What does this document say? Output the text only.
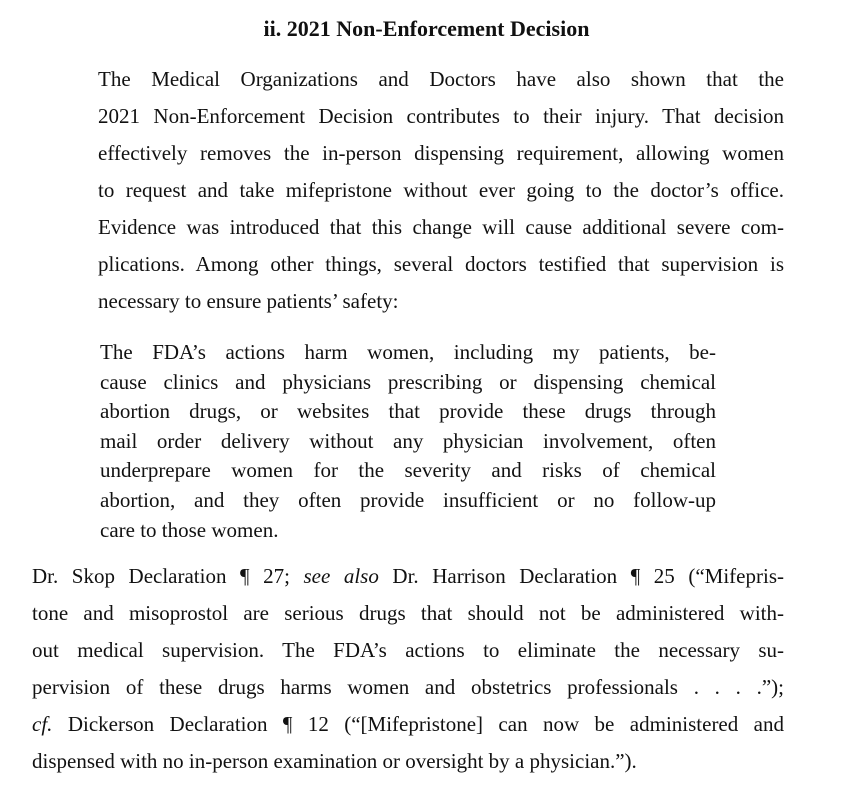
ii. 2021 Non-Enforcement Decision
The Medical Organizations and Doctors have also shown that the
2021 Non-Enforcement Decision contributes to their injury. That decision
effectively removes the in-person dispensing requirement, allowing women
to request and take mifepristone without ever going to the doctor’s office.
Evidence was introduced that this change will cause additional severe com-
plications. Among other things, several doctors testified that supervision is
necessary to ensure patients’ safety:
The FDA’s actions harm women, including my patients, be-
cause clinics and physicians prescribing or dispensing chemical
abortion drugs, or websites that provide these drugs through
mail order delivery without any physician involvement, often
underprepare women for the severity and risks of chemical
abortion, and they often provide insufficient or no follow-up
care to those women.
Dr. Skop Declaration ¶ 27; see also Dr. Harrison Declaration ¶ 25 (“Mifepris-
tone and misoprostol are serious drugs that should not be administered with-
out medical supervision. The FDA’s actions to eliminate the necessary su-
pervision of these drugs harms women and obstetrics professionals . . . .”);
cf. Dickerson Declaration ¶ 12 (“[Mifepristone] can now be administered and
dispensed with no in-person examination or oversight by a physician.”).
